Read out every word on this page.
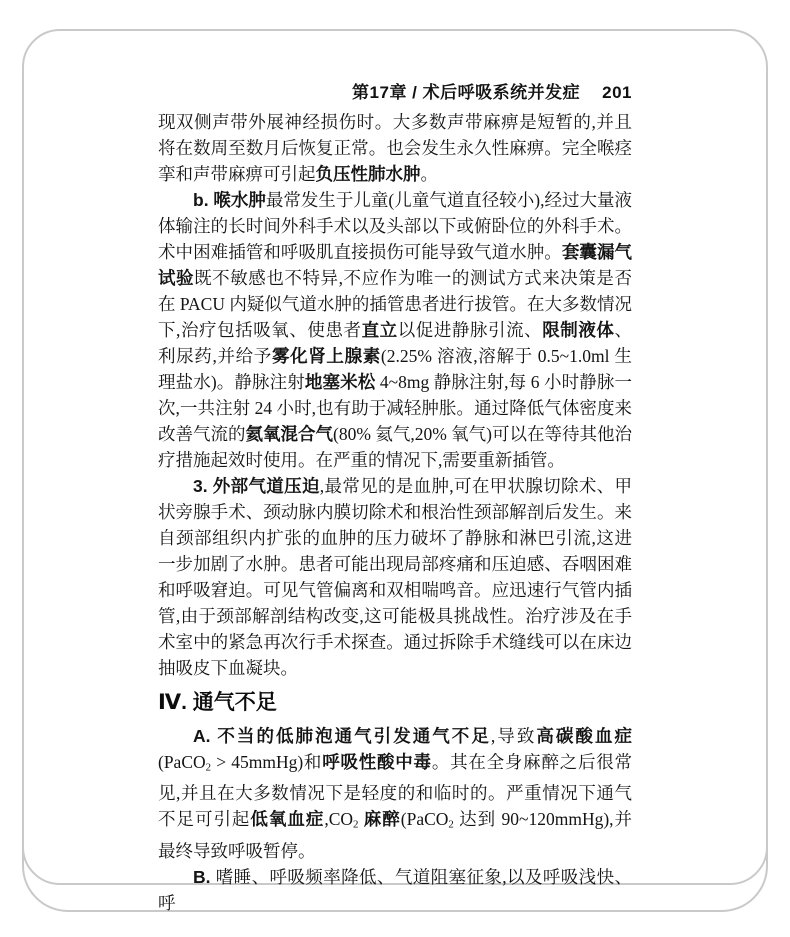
第17章 / 术后呼吸系统并发症 201

现双侧声带外展神经损伤时。大多数声带麻痹是短暂的,并且将在数周至数月后恢复正常。也会发生永久性麻痹。完全喉痉挛和声带麻痹可引起负压性肺水肿。

b. 喉水肿最常发生于儿童(儿童气道直径较小),经过大量液体输注的长时间外科手术以及头部以下或俯卧位的外科手术。术中困难插管和呼吸肌直接损伤可能导致气道水肿。套囊漏气试验既不敏感也不特异,不应作为唯一的测试方式来决策是否在 PACU 内疑似气道水肿的插管患者进行拔管。在大多数情况下,治疗包括吸氧、使患者直立以促进静脉引流、限制液体、利尿药,并给予雾化肾上腺素(2.25% 溶液,溶解于 0.5~1.0ml 生理盐水)。静脉注射地塞米松 4~8mg 静脉注射,每 6 小时静脉一次,一共注射 24 小时,也有助于减轻肿胀。通过降低气体密度来改善气流的氦氧混合气(80% 氦气,20% 氧气)可以在等待其他治疗措施起效时使用。在严重的情况下,需要重新插管。

3. 外部气道压迫,最常见的是血肿,可在甲状腺切除术、甲状旁腺手术、颈动脉内膜切除术和根治性颈部解剖后发生。来自颈部组织内扩张的血肿的压力破坏了静脉和淋巴引流,这进一步加剧了水肿。患者可能出现局部疼痛和压迫感、吞咽困难和呼吸窘迫。可见气管偏离和双相喘鸣音。应迅速行气管内插管,由于颈部解剖结构改变,这可能极具挑战性。治疗涉及在手术室中的紧急再次行手术探查。通过拆除手术缝线可以在床边抽吸皮下血凝块。

Ⅳ. 通气不足

A. 不当的低肺泡通气引发通气不足,导致高碳酸血症(PaCO2 > 45mmHg)和呼吸性酸中毒。其在全身麻醉之后很常见,并且在大多数情况下是轻度的和临时的。严重情况下通气不足可引起低氧血症,CO2 麻醉(PaCO2 达到 90~120mmHg),并最终导致呼吸暂停。

B. 嗜睡、呼吸频率降低、气道阻塞征象,以及呼吸浅快、呼
